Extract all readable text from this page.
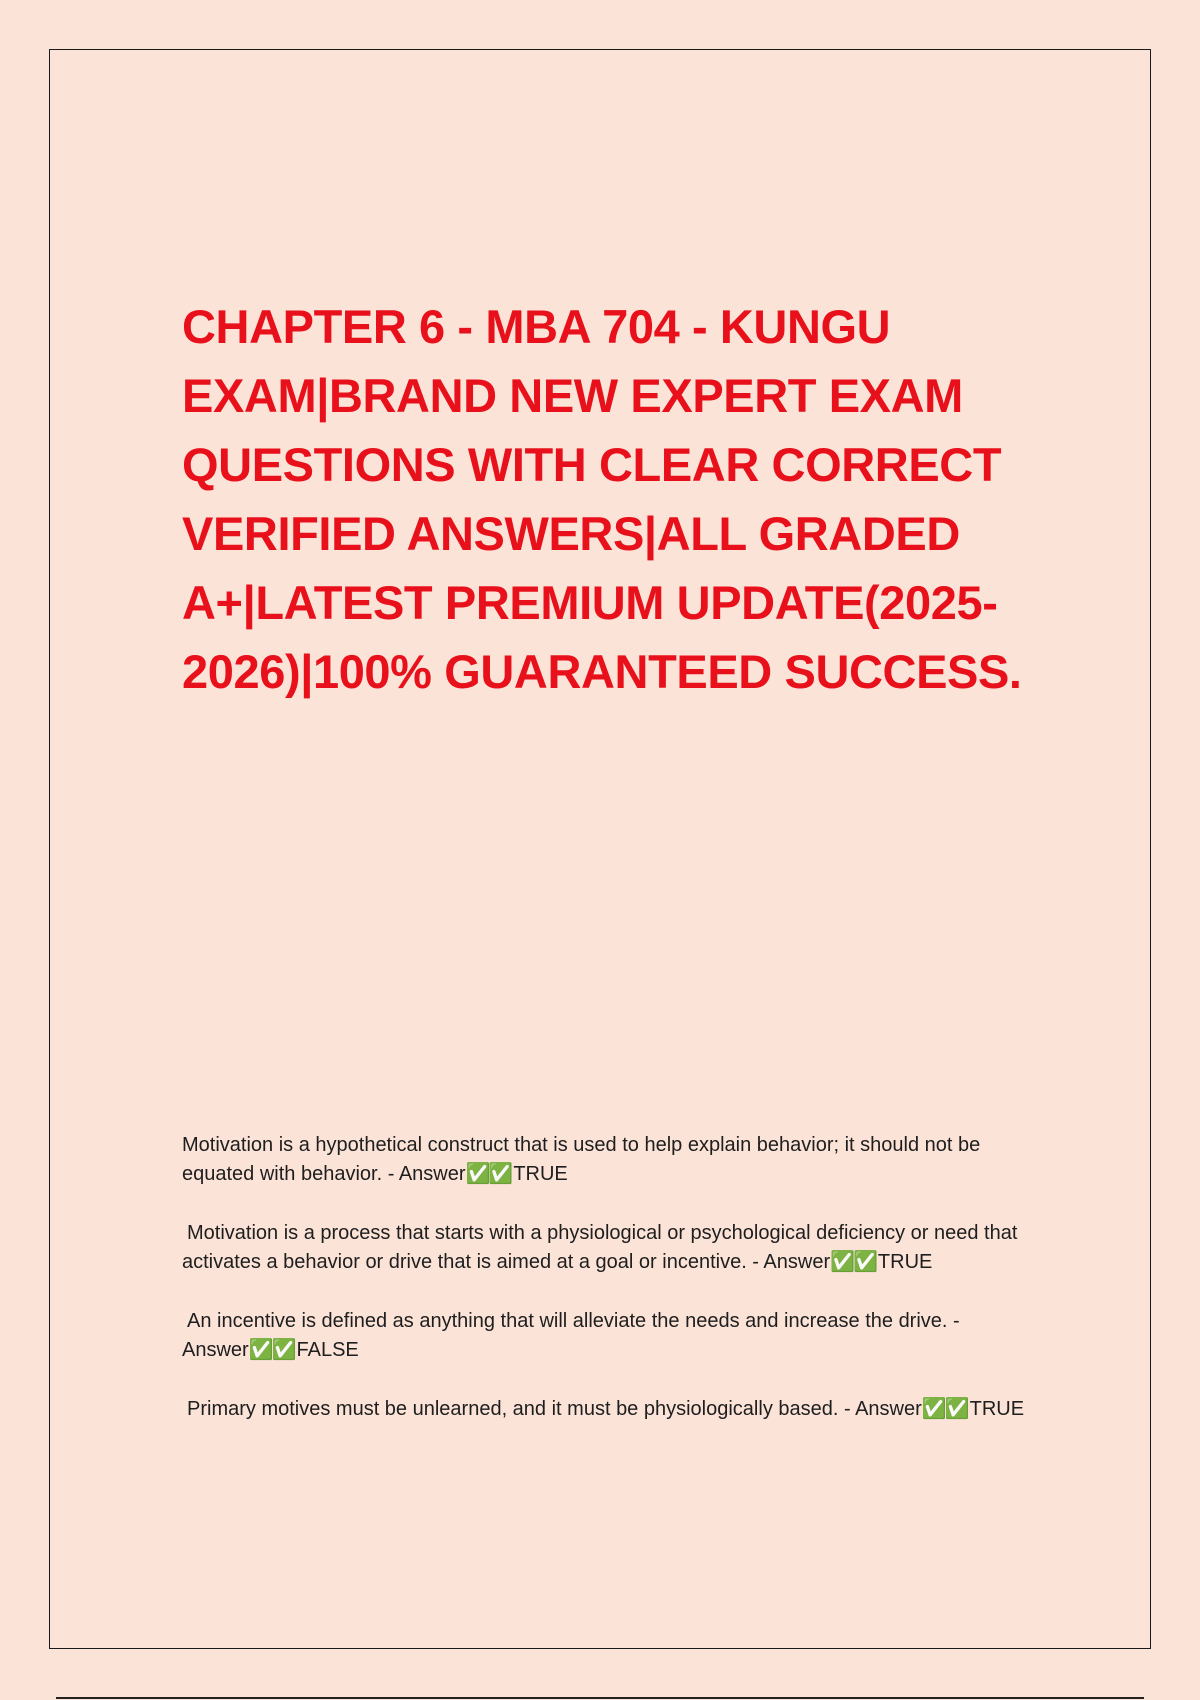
CHAPTER 6 - MBA 704 - KUNGU EXAM|BRAND NEW EXPERT EXAM QUESTIONS WITH CLEAR CORRECT VERIFIED ANSWERS|ALL GRADED A+|LATEST PREMIUM UPDATE(2025-2026)|100% GUARANTEED SUCCESS.
Motivation is a hypothetical construct that is used to help explain behavior; it should not be equated with behavior. - Answer✅✅ TRUE
Motivation is a process that starts with a physiological or psychological deficiency or need that activates a behavior or drive that is aimed at a goal or incentive. - Answer✅✅ TRUE
An incentive is defined as anything that will alleviate the needs and increase the drive. - Answer✅✅ FALSE
Primary motives must be unlearned, and it must be physiologically based. - Answer✅✅ TRUE
